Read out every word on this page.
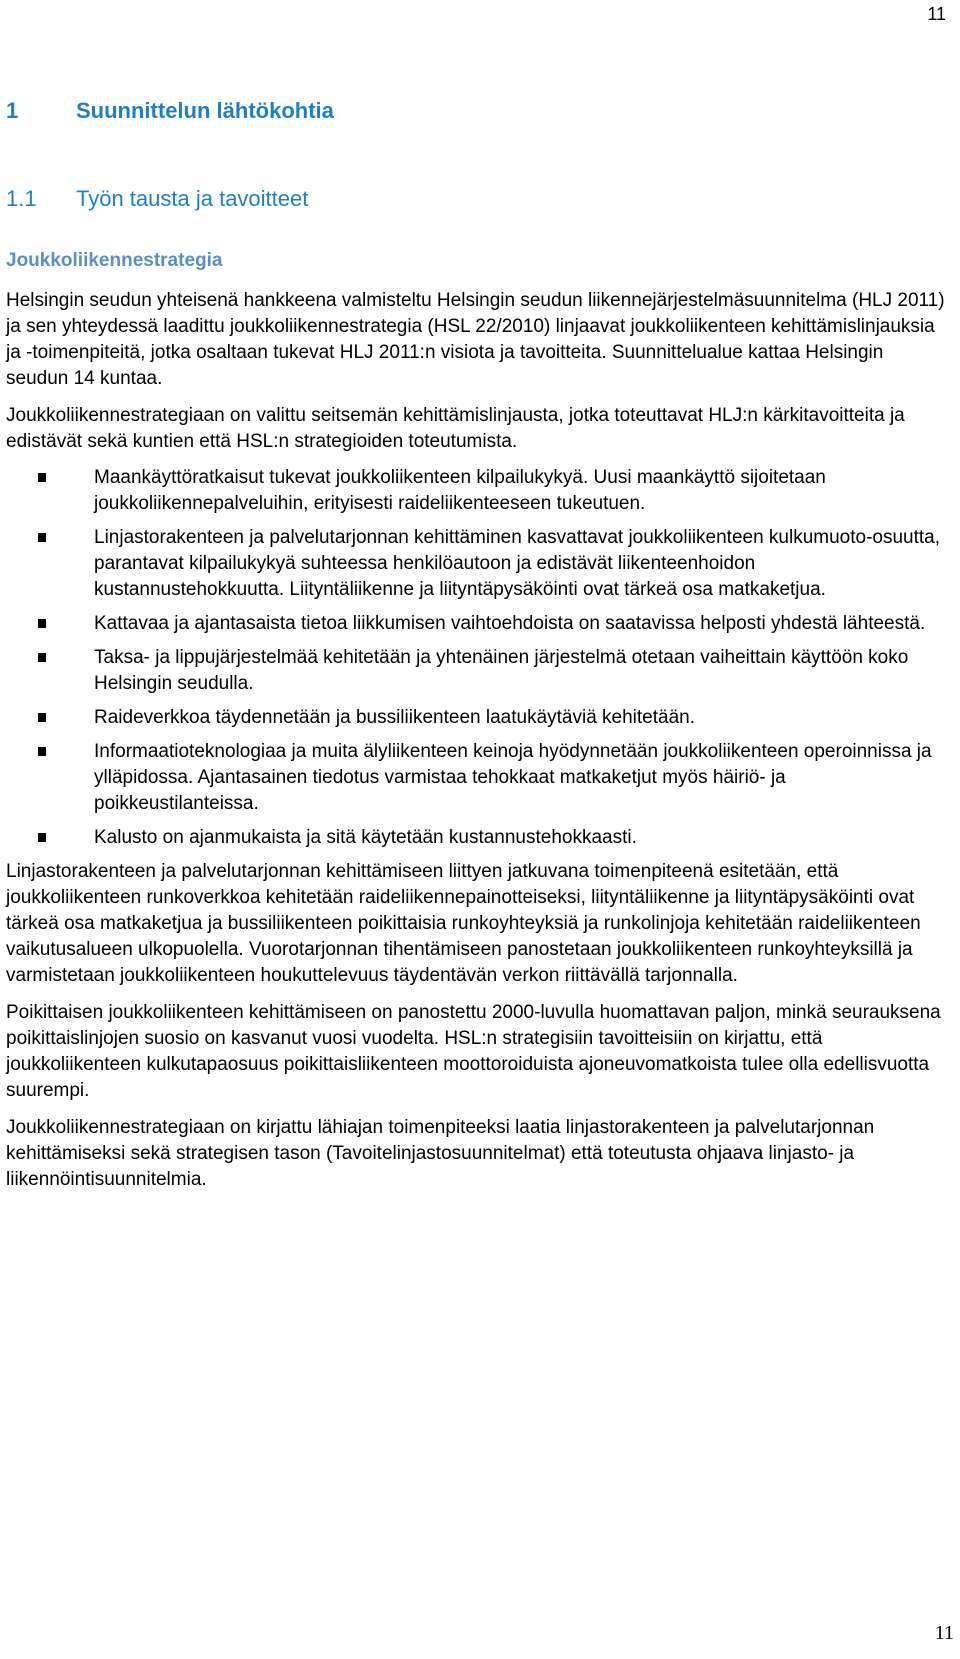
11
1	Suunnittelun lähtökohtia
1.1	Työn tausta ja tavoitteet
Joukkoliikennestrategia

Helsingin seudun yhteisenä hankkeena valmisteltu Helsingin seudun liikennejärjestelmäsuunnitelma (HLJ 2011) ja sen yhteydessä laadittu joukkoliikennestrategia (HSL 22/2010) linjaavat joukkoliikenteen kehittämislinjauksia ja -toimenpiteitä, jotka osaltaan tukevat HLJ 2011:n visiota ja tavoitteita. Suunnittelualue kattaa Helsingin seudun 14 kuntaa.

Joukkoliikennestrategiaan on valittu seitsemän kehittämislinjausta, jotka toteuttavat HLJ:n kärkitavoitteita ja edistävät sekä kuntien että HSL:n strategioiden toteutumista.

Maankäyttöratkaisut tukevat joukkoliikenteen kilpailukykyä. Uusi maankäyttö sijoitetaan joukkoliikennepalveluihin, erityisesti raideliikenteeseen tukeutuen.
Linjastorakenteen ja palvelutarjonnan kehittäminen kasvattavat joukkoliikenteen kulkumuoto-osuutta, parantavat kilpailukykyä suhteessa henkilöautoon ja edistävät liikenteenhoidon kustannustehokkuutta. Liityntäliikenne ja liityntäpysäköinti ovat tärkeä osa matkaketjua.
Kattavaa ja ajantasaista tietoa liikkumisen vaihtoehdoista on saatavissa helposti yhdestä lähteestä.
Taksa- ja lippujärjestelmää kehitetään ja yhtenäinen järjestelmä otetaan vaiheittain käyttöön koko Helsingin seudulla.
Raideverkkoa täydennetään ja bussiliikenteen laatukäytäviä kehitetään.
Informaatioteknologiaa ja muita älyliikenteen keinoja hyödynnetään joukkoliikenteen operoinnissa ja ylläpidossa. Ajantasainen tiedotus varmistaa tehokkaat matkaketjut myös häiriö- ja poikkeustilanteissa.
Kalusto on ajanmukaista ja sitä käytetään kustannustehokkaasti.

Linjastorakenteen ja palvelutarjonnan kehittämiseen liittyen jatkuvana toimenpiteenä esitetään, että joukkoliikenteen runkoverkkoa kehitetään raideliikennepainotteiseksi, liityntäliikenne ja liityntäpysäköinti ovat tärkeä osa matkaketjua ja bussiliikenteen poikittaisia runkoyhteyksiä ja runkolinjoja kehitetään raideliikenteen vaikutusalueen ulkopuolella. Vuorotarjonnan tihentämiseen panostetaan joukkoliikenteen runkoyhteyksillä ja varmistetaan joukkoliikenteen houkuttelevuus täydentävän verkon riittävällä tarjonnalla.

Poikittaisen joukkoliikenteen kehittämiseen on panostettu 2000-luvulla huomattavan paljon, minkä seurauksena poikittaislinjojen suosio on kasvanut vuosi vuodelta. HSL:n strategisiin tavoitteisiin on kirjattu, että joukkoliikenteen kulkutapaosuus poikittaisliikenteen moottoroiduista ajoneuvomatkoista tulee olla edellisvuotta suurempi.

Joukkoliikennestrategiaan on kirjattu lähiajan toimenpiteeksi laatia linjastorakenteen ja palvelutarjonnan kehittämiseksi sekä strategisen tason (Tavoitelinjastosuunnitelmat) että toteutusta ohjaava linjasto- ja liikennöintisuunnitelmia.

11
